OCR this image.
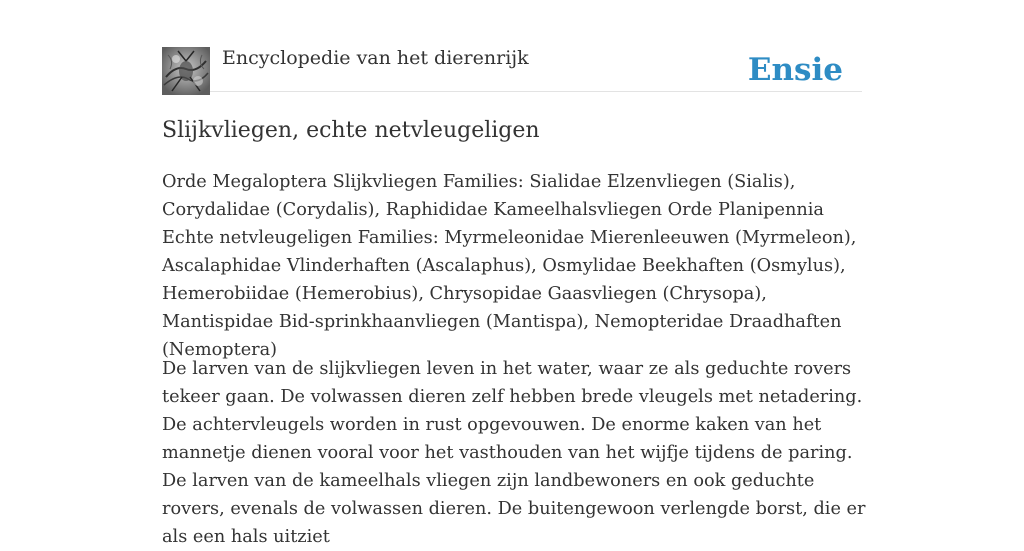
Encyclopedie van het dierenrijk	Ensie
Slijkvliegen, echte netvleugeligen

Orde Megaloptera Slijkvliegen Families: Sialidae Elzenvliegen (Sialis), Corydalidae (Corydalis), Raphididae Kameelhalsvliegen Orde Planipennia Echte netvleugeligen Families: Myrmeleonidae Mierenleeuwen (Myrmeleon), Ascalaphidae Vlinderhaften (Ascalaphus), Osmylidae Beekhaften (Osmylus), Hemerobiidae (Hemerobius), Chrysopidae Gaasvliegen (Chrysopa), Mantispidae Bid-sprinkhaanvliegen (Mantispa), Nemopteridae Draadhaften (Nemoptera)

De larven van de slijkvliegen leven in het water, waar ze als geduchte rovers tekeer gaan. De volwassen dieren zelf hebben brede vleugels met netadering. De achtervleugels worden in rust opgevouwen. De enorme kaken van het mannetje dienen vooral voor het vasthouden van het wijfje tijdens de paring. De larven van de kameelhals vliegen zijn landbewoners en ook geduchte rovers, evenals de volwassen dieren. De buitengewoon verlengde borst, die er als een hals uitziet
